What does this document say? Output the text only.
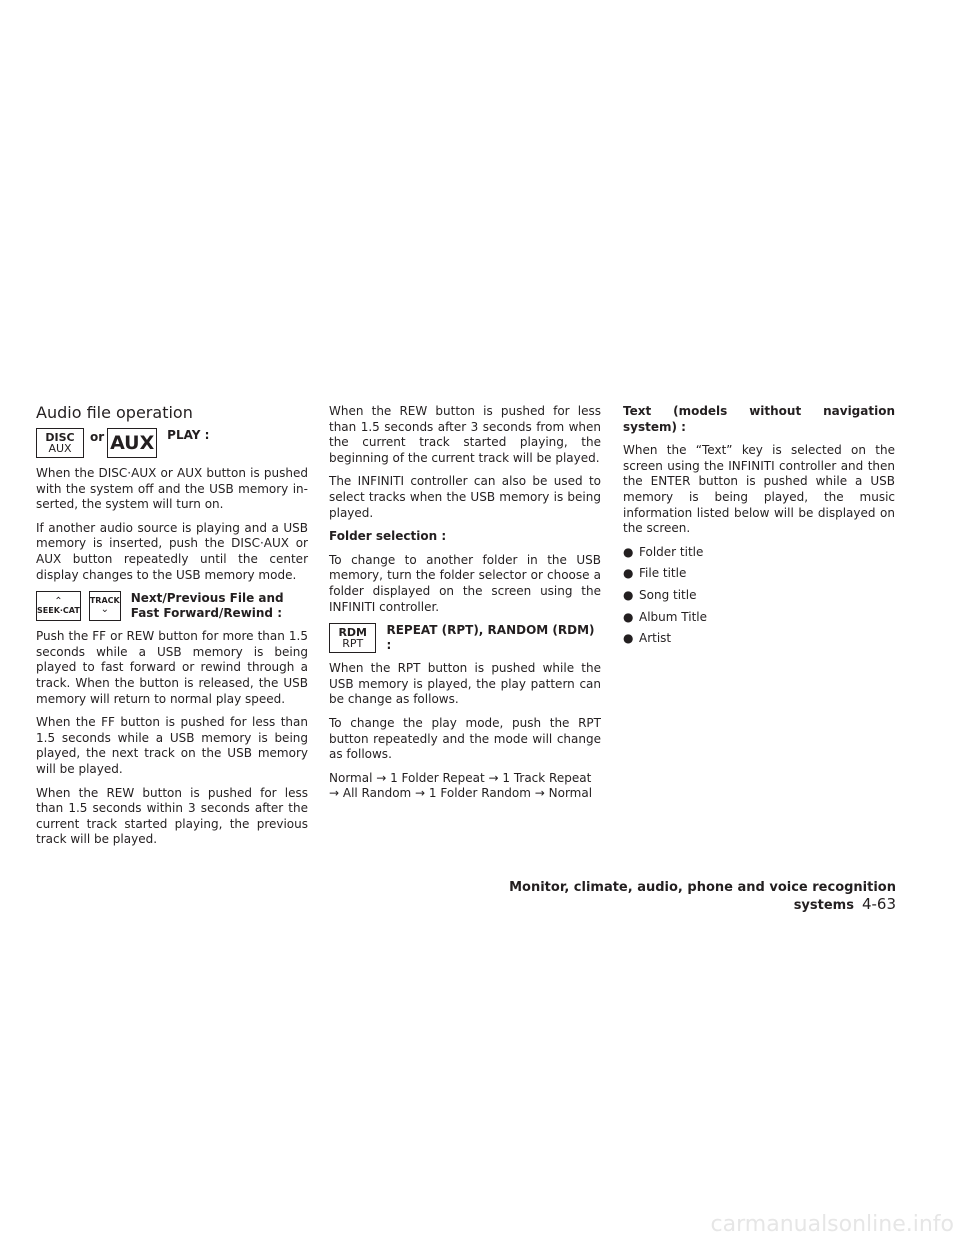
Audio file operation
DISC
AUX
or AUX PLAY :

When the DISC·AUX or AUX button is pushed with the system off and the USB memory in-serted, the system will turn on.

If another audio source is playing and a USB memory is inserted, push the DISC·AUX or AUX button repeatedly until the center display changes to the USB memory mode.

⌃
SEEK·CAT
TRACK
⌄
Next/Previous File and Fast Forward/Rewind :

Push the FF or REW button for more than 1.5 seconds while a USB memory is being played to fast forward or rewind through a track. When the button is released, the USB memory will return to normal play speed.

When the FF button is pushed for less than 1.5 seconds while a USB memory is being played, the next track on the USB memory will be played.

When the REW button is pushed for less than 1.5 seconds within 3 seconds after the current track started playing, the previous track will be played.

When the REW button is pushed for less than 1.5 seconds after 3 seconds from when the current track started playing, the beginning of the current track will be played.

The INFINITI controller can also be used to select tracks when the USB memory is being played.

Folder selection :

To change to another folder in the USB memory, turn the folder selector or choose a folder displayed on the screen using the INFINITI controller.

RDM
RPT
REPEAT (RPT), RANDOM (RDM) :

When the RPT button is pushed while the USB memory is played, the play pattern can be change as follows.

To change the play mode, push the RPT button repeatedly and the mode will change as follows.

Normal → 1 Folder Repeat → 1 Track Repeat → All Random → 1 Folder Random → Normal

Text (models without navigation system) :

When the “Text” key is selected on the screen using the INFINITI controller and then the ENTER button is pushed while a USB memory is being played, the music information listed below will be displayed on the screen.

● Folder title
● File title
● Song title
● Album Title
● Artist
Monitor, climate, audio, phone and voice recognition systems 4-63
carmanualsonline.info
